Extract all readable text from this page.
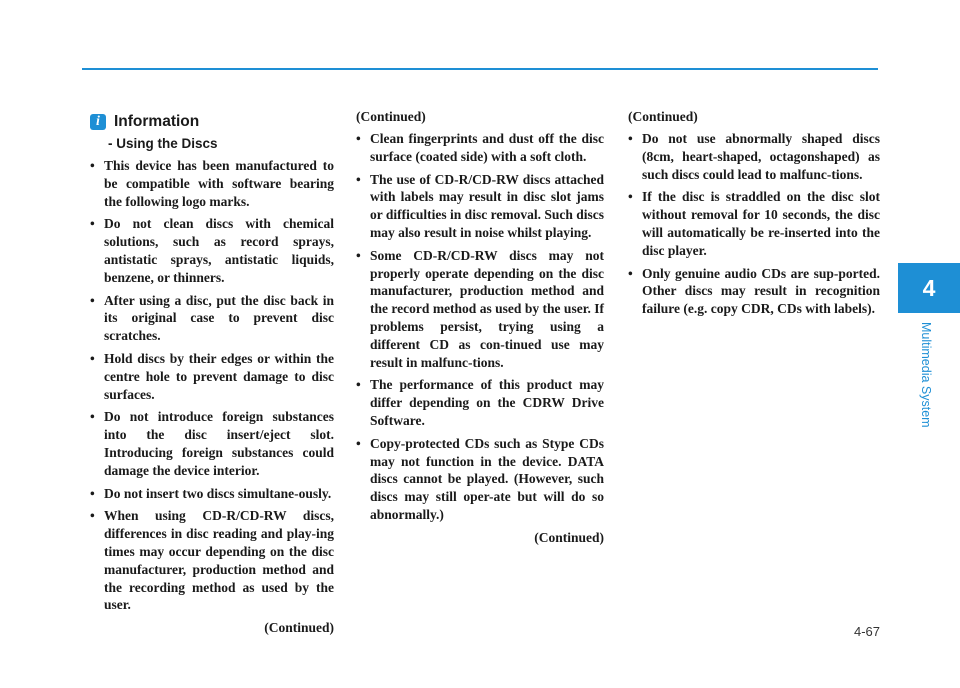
4
Multimedia System
i Information
- Using the Discs
• This device has been manufactured to be compatible with software bearing the following logo marks.
• Do not clean discs with chemical solutions, such as record sprays, antistatic sprays, antistatic liquids, benzene, or thinners.
• After using a disc, put the disc back in its original case to prevent disc scratches.
• Hold discs by their edges or within the centre hole to prevent damage to disc surfaces.
• Do not introduce foreign substances into the disc insert/eject slot. Introducing foreign substances could damage the device interior.
• Do not insert two discs simultane-ously.
• When using CD-R/CD-RW discs, differences in disc reading and play-ing times may occur depending on the disc manufacturer, production method and the recording method as used by the user.
(Continued)
(Continued)
• Clean fingerprints and dust off the disc surface (coated side) with a soft cloth.
• The use of CD-R/CD-RW discs attached with labels may result in disc slot jams or difficulties in disc removal. Such discs may also result in noise whilst playing.
• Some CD-R/CD-RW discs may not properly operate depending on the disc manufacturer, production method and the record method as used by the user. If problems persist, trying using a different CD as con-tinued use may result in malfunc-tions.
• The performance of this product may differ depending on the CDRW Drive Software.
• Copy-protected CDs such as Stype CDs may not function in the device. DATA discs cannot be played. (However, such discs may still oper-ate but will do so abnormally.)
(Continued)
(Continued)
• Do not use abnormally shaped discs (8cm, heart-shaped, octagonshaped) as such discs could lead to malfunc-tions.
• If the disc is straddled on the disc slot without removal for 10 seconds, the disc will automatically be re-inserted into the disc player.
• Only genuine audio CDs are sup-ported. Other discs may result in recognition failure (e.g. copy CDR, CDs with labels).
4-67
